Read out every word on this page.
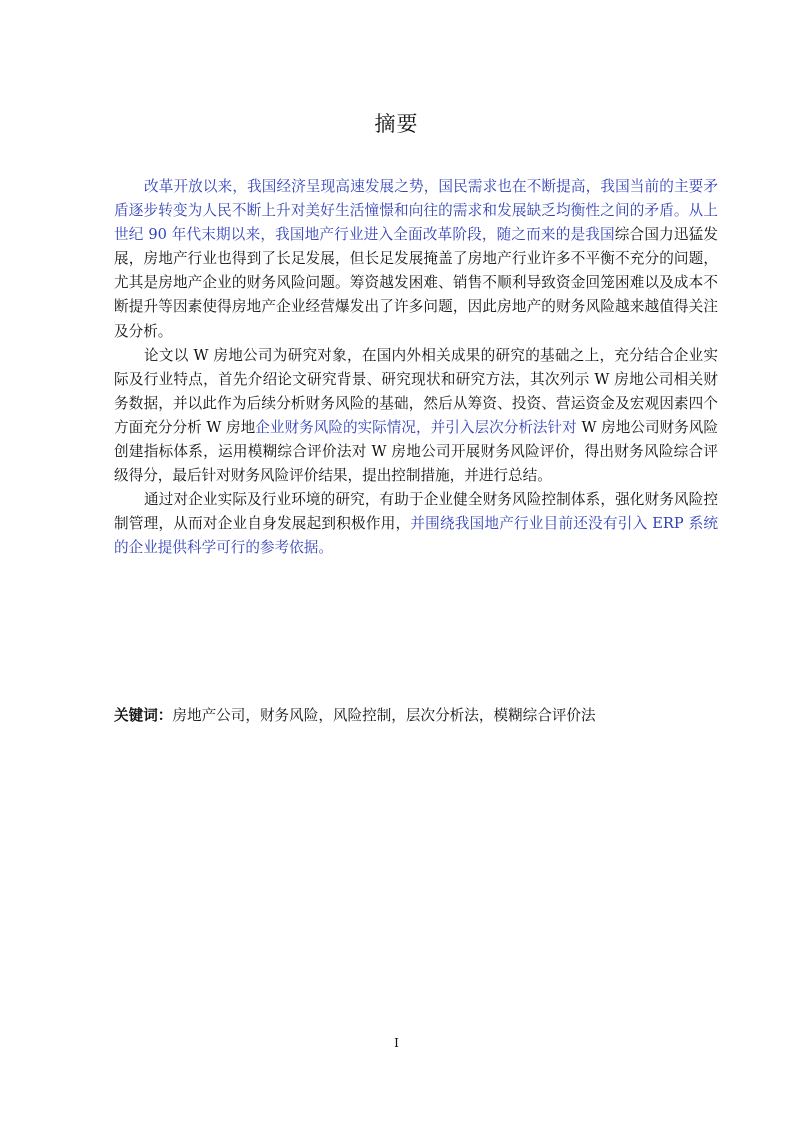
摘要

改革开放以来，我国经济呈现高速发展之势，国民需求也在不断提高，我国当前的主要矛盾逐步转变为人民不断上升对美好生活憧憬和向往的需求和发展缺乏均衡性之间的矛盾。从上世纪 90 年代末期以来，我国地产行业进入全面改革阶段，随之而来的是我国综合国力迅猛发展，房地产行业也得到了长足发展，但长足发展掩盖了房地产行业许多不平衡不充分的问题，尤其是房地产企业的财务风险问题。筹资越发困难、销售不顺利导致资金回笼困难以及成本不断提升等因素使得房地产企业经营爆发出了许多问题，因此房地产的财务风险越来越值得关注及分析。

论文以 W 房地公司为研究对象，在国内外相关成果的研究的基础之上，充分结合企业实际及行业特点，首先介绍论文研究背景、研究现状和研究方法，其次列示 W 房地公司相关财务数据，并以此作为后续分析财务风险的基础，然后从筹资、投资、营运资金及宏观因素四个方面充分分析 W 房地企业财务风险的实际情况，并引入层次分析法针对 W 房地公司财务风险创建指标体系，运用模糊综合评价法对 W 房地公司开展财务风险评价，得出财务风险综合评级得分，最后针对财务风险评价结果，提出控制措施，并进行总结。

通过对企业实际及行业环境的研究，有助于企业健全财务风险控制体系，强化财务风险控制管理，从而对企业自身发展起到积极作用，并围绕我国地产行业目前还没有引入 ERP 系统的企业提供科学可行的参考依据。

关键词：房地产公司，财务风险，风险控制，层次分析法，模糊综合评价法
I
